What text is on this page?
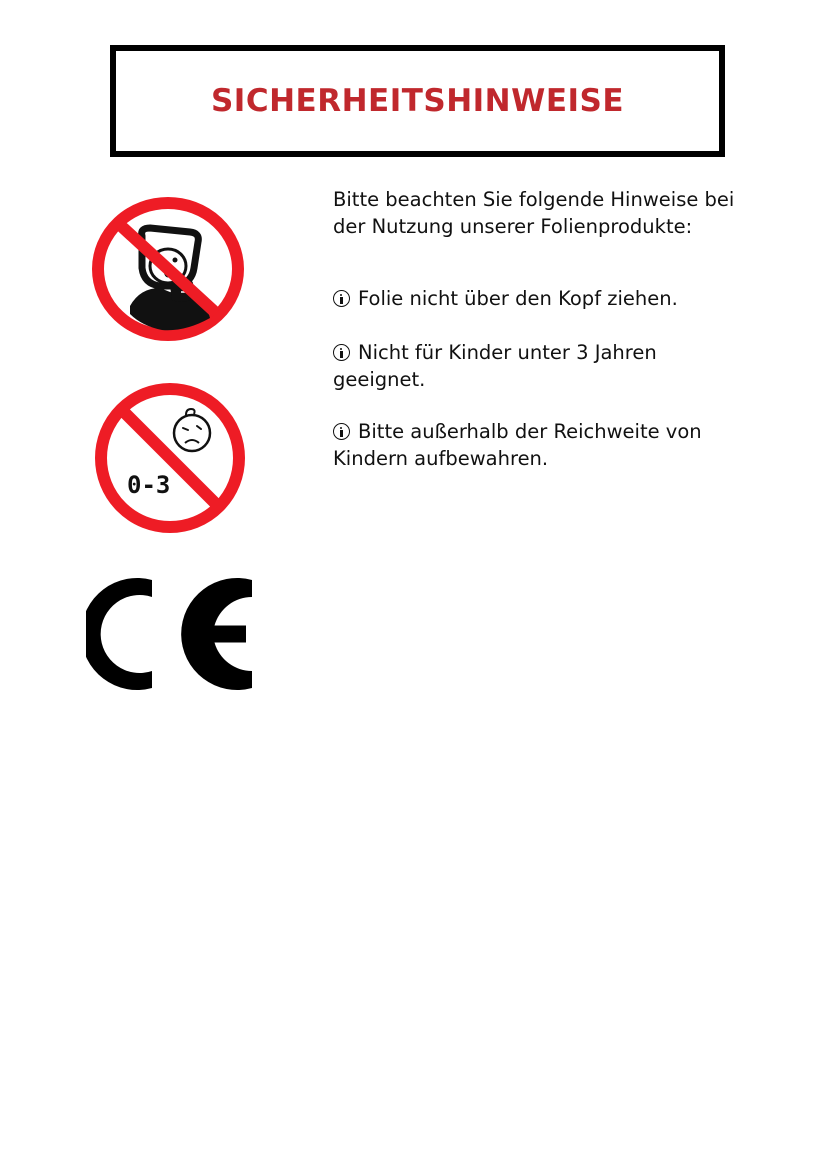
SICHERHEITSHINWEISE
0-3

Bitte beachten Sie folgende Hinweise bei der Nutzung unserer Folienprodukte:

Folie nicht über den Kopf ziehen.

Nicht für Kinder unter 3 Jahren geeignet.

Bitte außerhalb der Reichweite von Kindern aufbewahren.
